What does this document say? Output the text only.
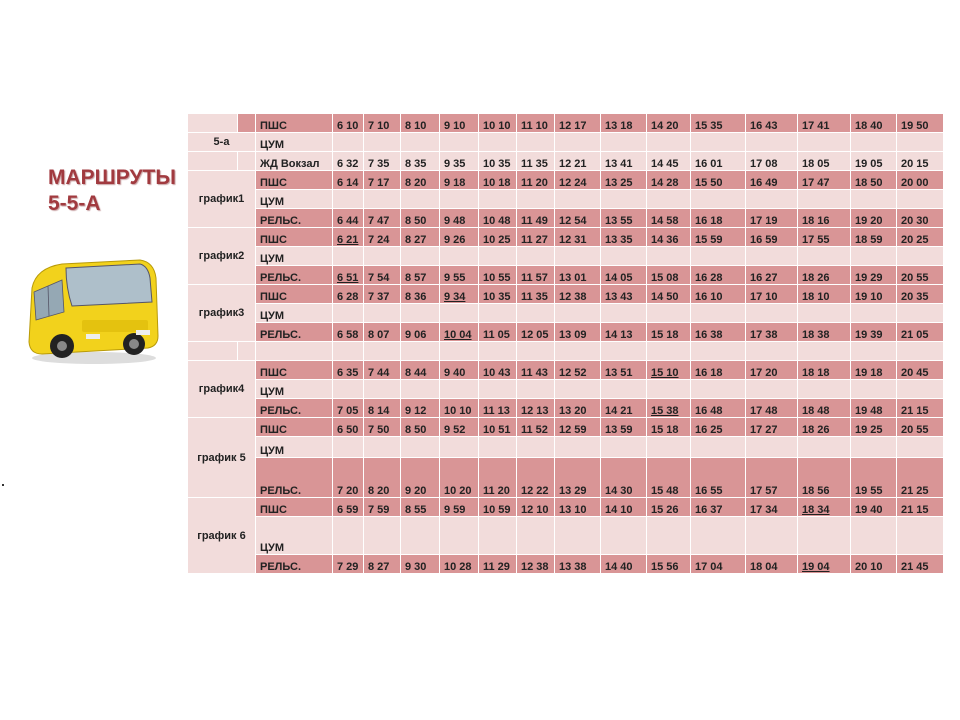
МАРШРУТЫ
5-5-А
		ПШС	6 10	7 10	8 10	9 10	10 10	11 10	12 17	13 18	14 20	15 35	16 43	17 41	18 40	19 50
5-а		ЦУМ														
		ЖД Вокзал	6 32	7 35	8 35	9 35	10 35	11 35	12 21	13 41	14 45	16 01	17 08	18 05	19 05	20 15
график1		ПШС	6 14	7 17	8 20	9 18	10 18	11 20	12 24	13 25	14 28	15 50	16 49	17 47	18 50	20 00
		ЦУМ														
		РЕЛЬС.	6 44	7 47	8 50	9 48	10 48	11 49	12 54	13 55	14 58	16 18	17 19	18 16	19 20	20 30
график2		ПШС	6 21	7 24	8 27	9 26	10 25	11 27	12 31	13 35	14 36	15 59	16 59	17 55	18 59	20 25
		ЦУМ														
		РЕЛЬС.	6 51	7 54	8 57	9 55	10 55	11 57	13 01	14 05	15 08	16 28	16 27	18 26	19 29	20 55
график3		ПШС	6 28	7 37	8 36	9 34	10 35	11 35	12 38	13 43	14 50	16 10	17 10	18 10	19 10	20 35
		ЦУМ														
		РЕЛЬС.	6 58	8 07	9 06	10 04	11 05	12 05	13 09	14 13	15 18	16 38	17 38	18 38	19 39	21 05

график4		ПШС	6 35	7 44	8 44	9 40	10 43	11 43	12 52	13 51	15 10	16 18	17 20	18 18	19 18	20 45
		ЦУМ														
		РЕЛЬС.	7 05	8 14	9 12	10 10	11 13	12 13	13 20	14 21	15 38	16 48	17 48	18 48	19 48	21 15
график 5		ПШС	6 50	7 50	8 50	9 52	10 51	11 52	12 59	13 59	15 18	16 25	17 27	18 26	19 25	20 55
		ЦУМ														
		РЕЛЬС.	7 20	8 20	9 20	10 20	11 20	12 22	13 29	14 30	15 48	16 55	17 57	18 56	19 55	21 25
график 6		ПШС	6 59	7 59	8 55	9 59	10 59	12 10	13 10	14 10	15 26	16 37	17 34	18 34	19 40	21 15
		ЦУМ														
		РЕЛЬС.	7 29	8 27	9 30	10 28	11 29	12 38	13 38	14 40	15 56	17 04	18 04	19 04	20 10	21 45
